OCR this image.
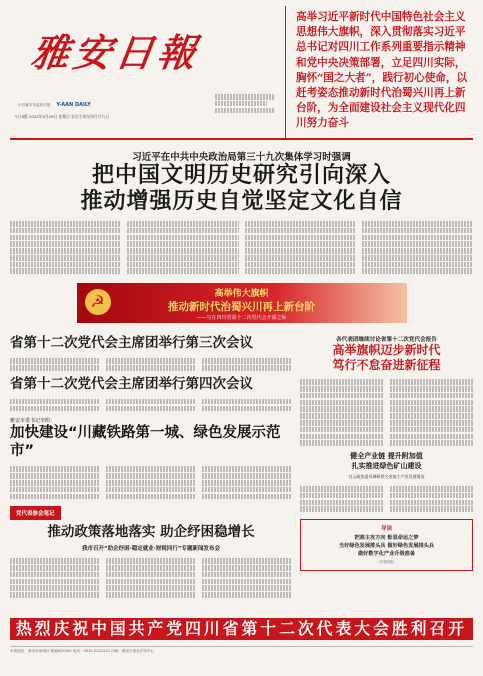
雅安日報
中共雅安市委机关报 Y-AAN DAILY
今日8版 2022年5月29日 星期日 农历壬寅年四月廿九日

高举习近平新时代中国特色社会主义思想伟大旗帜，深入贯彻落实习近平总书记对四川工作系列重要指示精神和党中央决策部署，立足四川实际，胸怀“国之大者”，践行初心使命，以赶考姿态推动新时代治蜀兴川再上新台阶，为全面建设社会主义现代化四川努力奋斗

习近平在中共中央政治局第三十九次集体学习时强调
把中国文明历史研究引向深入
推动增强历史自觉坚定文化自信
☭	高举伟大旗帜
推动新时代治蜀兴川再上新台阶
——写在四川省第十二次党代会开幕之际
省第十二次党代会主席团举行第三次会议
省第十二次党代会主席团举行第四次会议
雅安市委书记李酌：
加快建设“川藏铁路第一城、绿色发展示范市”
党代表参会笔记
推动政策落地落实 助企纾困稳增长
我市召开“助企纾困·稳定就业·财税同行”专题新闻发布会
各代表团继续讨论省第十二次党代会报告
高举旗帜迈步新时代
笃行不怠奋进新征程
健全产业链 提升附加值
扎实推进绿色矿山建设
白云政协委员调研铁合金加工产业发展情况
导读
把准主攻方向 彰显命运之梦
当好绿色发展排头兵 做好绿色发展排头兵
做好数字化产业升级准备
（详见2版）
热烈庆祝中国共产党四川省第十二次代表大会胜利召开
本报地址：雅安市雨城区 邮编625000 电话：0835-2222222 印刷：雅安日报社印务中心
